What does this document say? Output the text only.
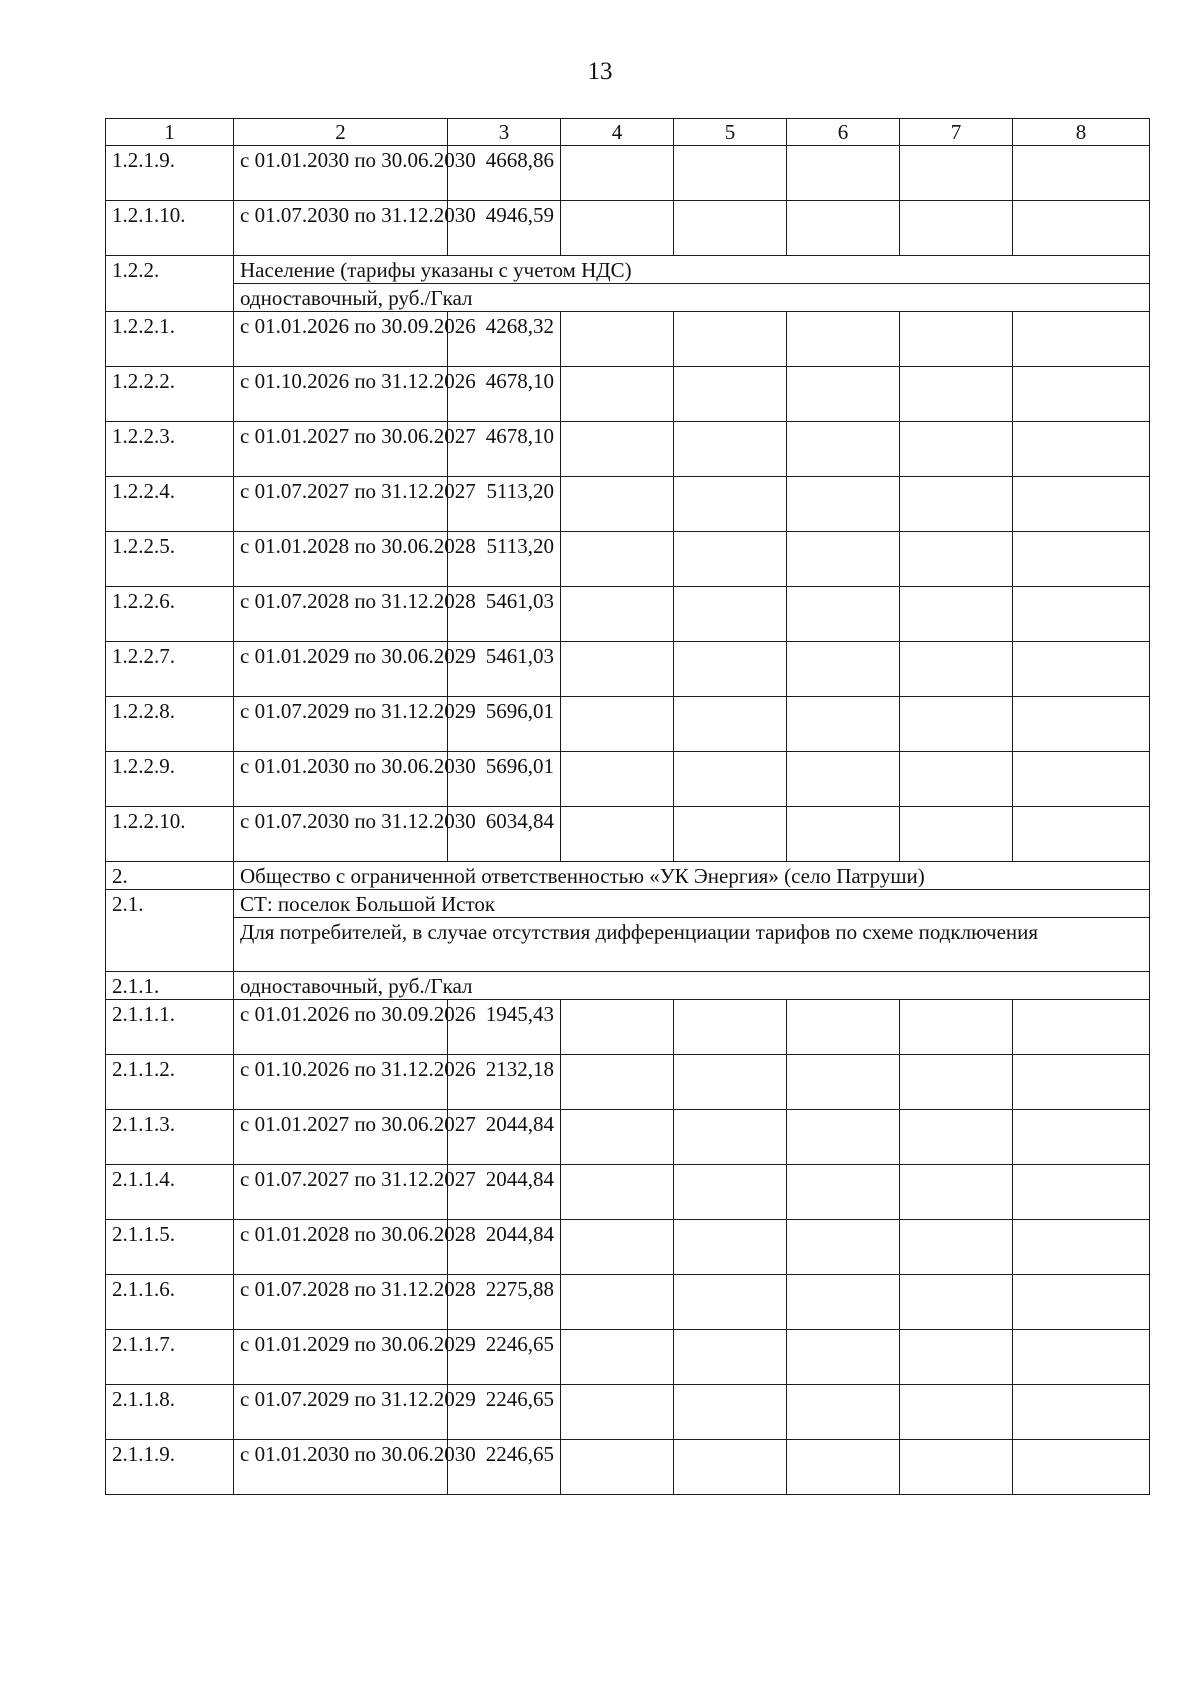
13
1	2	3	4	5	6	7	8
1.2.1.9.	с 01.01.2030 по 30.06.2030	4668,86					
1.2.1.10.	с 01.07.2030 по 31.12.2030	4946,59					
1.2.2.	Население (тарифы указаны с учетом НДС)						
	одноставочный, руб./Гкал						
1.2.2.1.	с 01.01.2026 по 30.09.2026	4268,32					
1.2.2.2.	с 01.10.2026 по 31.12.2026	4678,10					
1.2.2.3.	с 01.01.2027 по 30.06.2027	4678,10					
1.2.2.4.	с 01.07.2027 по 31.12.2027	5113,20					
1.2.2.5.	с 01.01.2028 по 30.06.2028	5113,20					
1.2.2.6.	с 01.07.2028 по 31.12.2028	5461,03					
1.2.2.7.	с 01.01.2029 по 30.06.2029	5461,03					
1.2.2.8.	с 01.07.2029 по 31.12.2029	5696,01					
1.2.2.9.	с 01.01.2030 по 30.06.2030	5696,01					
1.2.2.10.	с 01.07.2030 по 31.12.2030	6034,84					
2.	Общество с ограниченной ответственностью «УК Энергия» (село Патруши)						
2.1.	СТ: поселок Большой Исток						
	Для потребителей, в случае отсутствия дифференциации тарифов по схеме подключения						
2.1.1.	одноставочный, руб./Гкал						
2.1.1.1.	с 01.01.2026 по 30.09.2026	1945,43					
2.1.1.2.	с 01.10.2026 по 31.12.2026	2132,18					
2.1.1.3.	с 01.01.2027 по 30.06.2027	2044,84					
2.1.1.4.	с 01.07.2027 по 31.12.2027	2044,84					
2.1.1.5.	с 01.01.2028 по 30.06.2028	2044,84					
2.1.1.6.	с 01.07.2028 по 31.12.2028	2275,88					
2.1.1.7.	с 01.01.2029 по 30.06.2029	2246,65					
2.1.1.8.	с 01.07.2029 по 31.12.2029	2246,65					
2.1.1.9.	с 01.01.2030 по 30.06.2030	2246,65					
